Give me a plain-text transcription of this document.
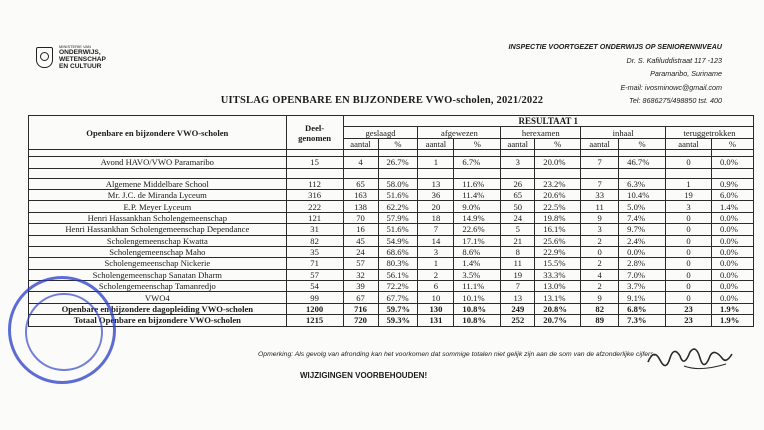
MINISTERIE VAN
ONDERWIJS,
WETENSCHAP
EN CULTUUR
INSPECTIE VOORTGEZET ONDERWIJS OP SENIORENNIVEAU
Dr. S. Kafiluddistraat 117 -123
Paramaribo, Suriname
E-mail: ivosminowc@gmail.com
Tel: 8686275/498850 tst. 400
UITSLAG OPENBARE EN BIJZONDERE VWO-scholen, 2021/2022
Openbare en bijzondere VWO-scholen	Deel- genomen	RESULTAAT 1									
		geslaagd		afgewezen		herexamen		inhaal		teruggetrokken	
		aantal	%	aantal	%	aantal	%	aantal	%	aantal	%

Avond HAVO/VWO Paramaribo	15	4	26.7%	1	6.7%	3	20.0%	7	46.7%	0	0.0%

Algemene Middelbare School	112	65	58.0%	13	11.6%	26	23.2%	7	6.3%	1	0.9%
Mr. J.C. de Miranda Lyceum	316	163	51.6%	36	11.4%	65	20.6%	33	10.4%	19	6.0%
E.P. Meyer Lyceum	222	138	62.2%	20	9.0%	50	22.5%	11	5.0%	3	1.4%
Henri Hassankhan Scholengemeenschap	121	70	57.9%	18	14.9%	24	19.8%	9	7.4%	0	0.0%
Henri Hassankhan Scholengemeenschap Dependance	31	16	51.6%	7	22.6%	5	16.1%	3	9.7%	0	0.0%
Scholengemeenschap Kwatta	82	45	54.9%	14	17.1%	21	25.6%	2	2.4%	0	0.0%
Scholengemeenschap Maho	35	24	68.6%	3	8.6%	8	22.9%	0	0.0%	0	0.0%
Scholengemeenschap Nickerie	71	57	80.3%	1	1.4%	11	15.5%	2	2.8%	0	0.0%
Scholengemeenschap Sanatan Dharm	57	32	56.1%	2	3.5%	19	33.3%	4	7.0%	0	0.0%
Scholengemeenschap Tamanredjo	54	39	72.2%	6	11.1%	7	13.0%	2	3.7%	0	0.0%
VWO4	99	67	67.7%	10	10.1%	13	13.1%	9	9.1%	0	0.0%
Openbare en bijzondere dagopleiding VWO-scholen	1200	716	59.7%	130	10.8%	249	20.8%	82	6.8%	23	1.9%
Totaal Openbare en bijzondere VWO-scholen	1215	720	59.3%	131	10.8%	252	20.7%	89	7.3%	23	1.9%
Opmerking: Als gevolg van afronding kan het voorkomen dat sommige totalen niet gelijk zijn aan de som van de afzonderlijke cijfers.
WIJZIGINGEN VOORBEHOUDEN!
